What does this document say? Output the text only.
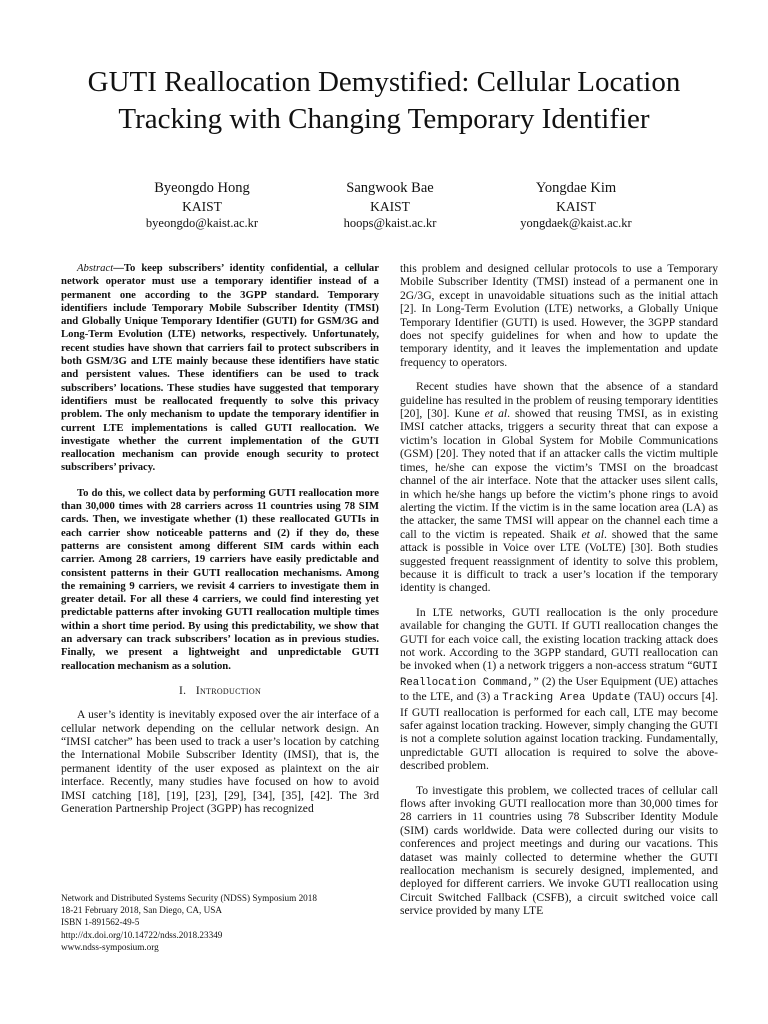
GUTI Reallocation Demystified: Cellular Location
Tracking with Changing Temporary Identifier
Byeongdo Hong
KAIST
byeongdo@kaist.ac.kr
Sangwook Bae
KAIST
hoops@kaist.ac.kr
Yongdae Kim
KAIST
yongdaek@kaist.ac.kr

Abstract—To keep subscribers’ identity confidential, a cellular network operator must use a temporary identifier instead of a permanent one according to the 3GPP standard. Temporary identifiers include Temporary Mobile Subscriber Identity (TMSI) and Globally Unique Temporary Identifier (GUTI) for GSM/3G and Long-Term Evolution (LTE) networks, respectively. Unfortunately, recent studies have shown that carriers fail to protect subscribers in both GSM/3G and LTE mainly because these identifiers have static and persistent values. These identifiers can be used to track subscribers’ locations. These studies have suggested that temporary identifiers must be reallocated frequently to solve this privacy problem. The only mechanism to update the temporary identifier in current LTE implementations is called GUTI reallocation. We investigate whether the current implementation of the GUTI reallocation mechanism can provide enough security to protect subscribers’ privacy.

To do this, we collect data by performing GUTI reallocation more than 30,000 times with 28 carriers across 11 countries using 78 SIM cards. Then, we investigate whether (1) these reallocated GUTIs in each carrier show noticeable patterns and (2) if they do, these patterns are consistent among different SIM cards within each carrier. Among 28 carriers, 19 carriers have easily predictable and consistent patterns in their GUTI reallocation mechanisms. Among the remaining 9 carriers, we revisit 4 carriers to investigate them in greater detail. For all these 4 carriers, we could find interesting yet predictable patterns after invoking GUTI reallocation multiple times within a short time period. By using this predictability, we show that an adversary can track subscribers’ location as in previous studies. Finally, we present a lightweight and unpredictable GUTI reallocation mechanism as a solution.

I. Introduction

A user’s identity is inevitably exposed over the air interface of a cellular network depending on the cellular network design. An “IMSI catcher” has been used to track a user’s location by catching the International Mobile Subscriber Identity (IMSI), that is, the permanent identity of the user exposed as plaintext on the air interface. Recently, many studies have focused on how to avoid IMSI catching [18], [19], [23], [29], [34], [35], [42]. The 3rd Generation Partnership Project (3GPP) has recognized

this problem and designed cellular protocols to use a Temporary Mobile Subscriber Identity (TMSI) instead of a permanent one in 2G/3G, except in unavoidable situations such as the initial attach [2]. In Long-Term Evolution (LTE) networks, a Globally Unique Temporary Identifier (GUTI) is used. However, the 3GPP standard does not specify guidelines for when and how to update the temporary identity, and it leaves the implementation and update frequency to operators.

Recent studies have shown that the absence of a standard guideline has resulted in the problem of reusing temporary identities [20], [30]. Kune et al. showed that reusing TMSI, as in existing IMSI catcher attacks, triggers a security threat that can expose a victim’s location in Global System for Mobile Communications (GSM) [20]. They noted that if an attacker calls the victim multiple times, he/she can expose the victim’s TMSI on the broadcast channel of the air interface. Note that the attacker uses silent calls, in which he/she hangs up before the victim’s phone rings to avoid alerting the victim. If the victim is in the same location area (LA) as the attacker, the same TMSI will appear on the channel each time a call to the victim is repeated. Shaik et al. showed that the same attack is possible in Voice over LTE (VoLTE) [30]. Both studies suggested frequent reassignment of identity to solve this problem, because it is difficult to track a user’s location if the temporary identity is changed.

In LTE networks, GUTI reallocation is the only procedure available for changing the GUTI. If GUTI reallocation changes the GUTI for each voice call, the existing location tracking attack does not work. According to the 3GPP standard, GUTI reallocation can be invoked when (1) a network triggers a non-access stratum “GUTI Reallocation Command,” (2) the User Equipment (UE) attaches to the LTE, and (3) a Tracking Area Update (TAU) occurs [4]. If GUTI reallocation is performed for each call, LTE may become safer against location tracking. However, simply changing the GUTI is not a complete solution against location tracking. Fundamentally, unpredictable GUTI allocation is required to solve the above-described problem.

To investigate this problem, we collected traces of cellular call flows after invoking GUTI reallocation more than 30,000 times for 28 carriers in 11 countries using 78 Subscriber Identity Module (SIM) cards worldwide. Data were collected during our visits to conferences and project meetings and during our vacations. This dataset was mainly collected to determine whether the GUTI reallocation mechanism is securely designed, implemented, and deployed for different carriers. We invoke GUTI reallocation using Circuit Switched Fallback (CSFB), a circuit switched voice call service provided by many LTE

Network and Distributed Systems Security (NDSS) Symposium 2018
18-21 February 2018, San Diego, CA, USA
ISBN 1-891562-49-5
http://dx.doi.org/10.14722/ndss.2018.23349
www.ndss-symposium.org
